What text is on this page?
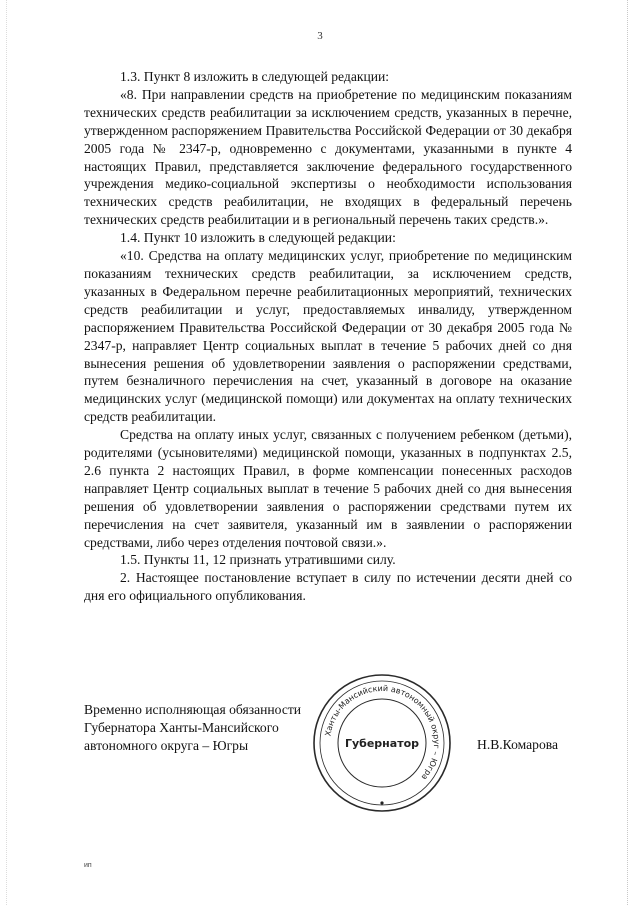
3

1.3. Пункт 8 изложить в следующей редакции:

«8. При направлении средств на приобретение по медицинским показаниям технических средств реабилитации за исключением средств, указанных в перечне, утвержденном распоряжением Правительства Российской Федерации от 30 декабря 2005 года № 2347-р, одновременно с документами, указанными в пункте 4 настоящих Правил, представляется заключение федерального государственного учреждения медико-социальной экспертизы о необходимости использования технических средств реабилитации, не входящих в федеральный перечень технических средств реабилитации и в региональный перечень таких средств.».

1.4. Пункт 10 изложить в следующей редакции:

«10. Средства на оплату медицинских услуг, приобретение по медицинским показаниям технических средств реабилитации, за исключением средств, указанных в Федеральном перечне реабилитационных мероприятий, технических средств реабилитации и услуг, предоставляемых инвалиду, утвержденном распоряжением Правительства Российской Федерации от 30 декабря 2005 года № 2347-р, направляет Центр социальных выплат в течение 5 рабочих дней со дня вынесения решения об удовлетворении заявления о распоряжении средствами, путем безналичного перечисления на счет, указанный в договоре на оказание медицинских услуг (медицинской помощи) или документах на оплату технических средств реабилитации.

Средства на оплату иных услуг, связанных с получением ребенком (детьми), родителями (усыновителями) медицинской помощи, указанных в подпунктах 2.5, 2.6 пункта 2 настоящих Правил, в форме компенсации понесенных расходов направляет Центр социальных выплат в течение 5 рабочих дней со дня вынесения решения об удовлетворении заявления о распоряжении средствами путем их перечисления на счет заявителя, указанный им в заявлении о распоряжении средствами, либо через отделения почтовой связи.».

1.5. Пункты 11, 12 признать утратившими силу.

2. Настоящее постановление вступает в силу по истечении десяти дней со дня его официального опубликования.

Временно исполняющая обязанности
Губернатора Ханты-Мансийского
автономного округа – Югры
Ханты-Мансийский автономный округ – Югра
Губернатор	Н.В.Комарова
ип
